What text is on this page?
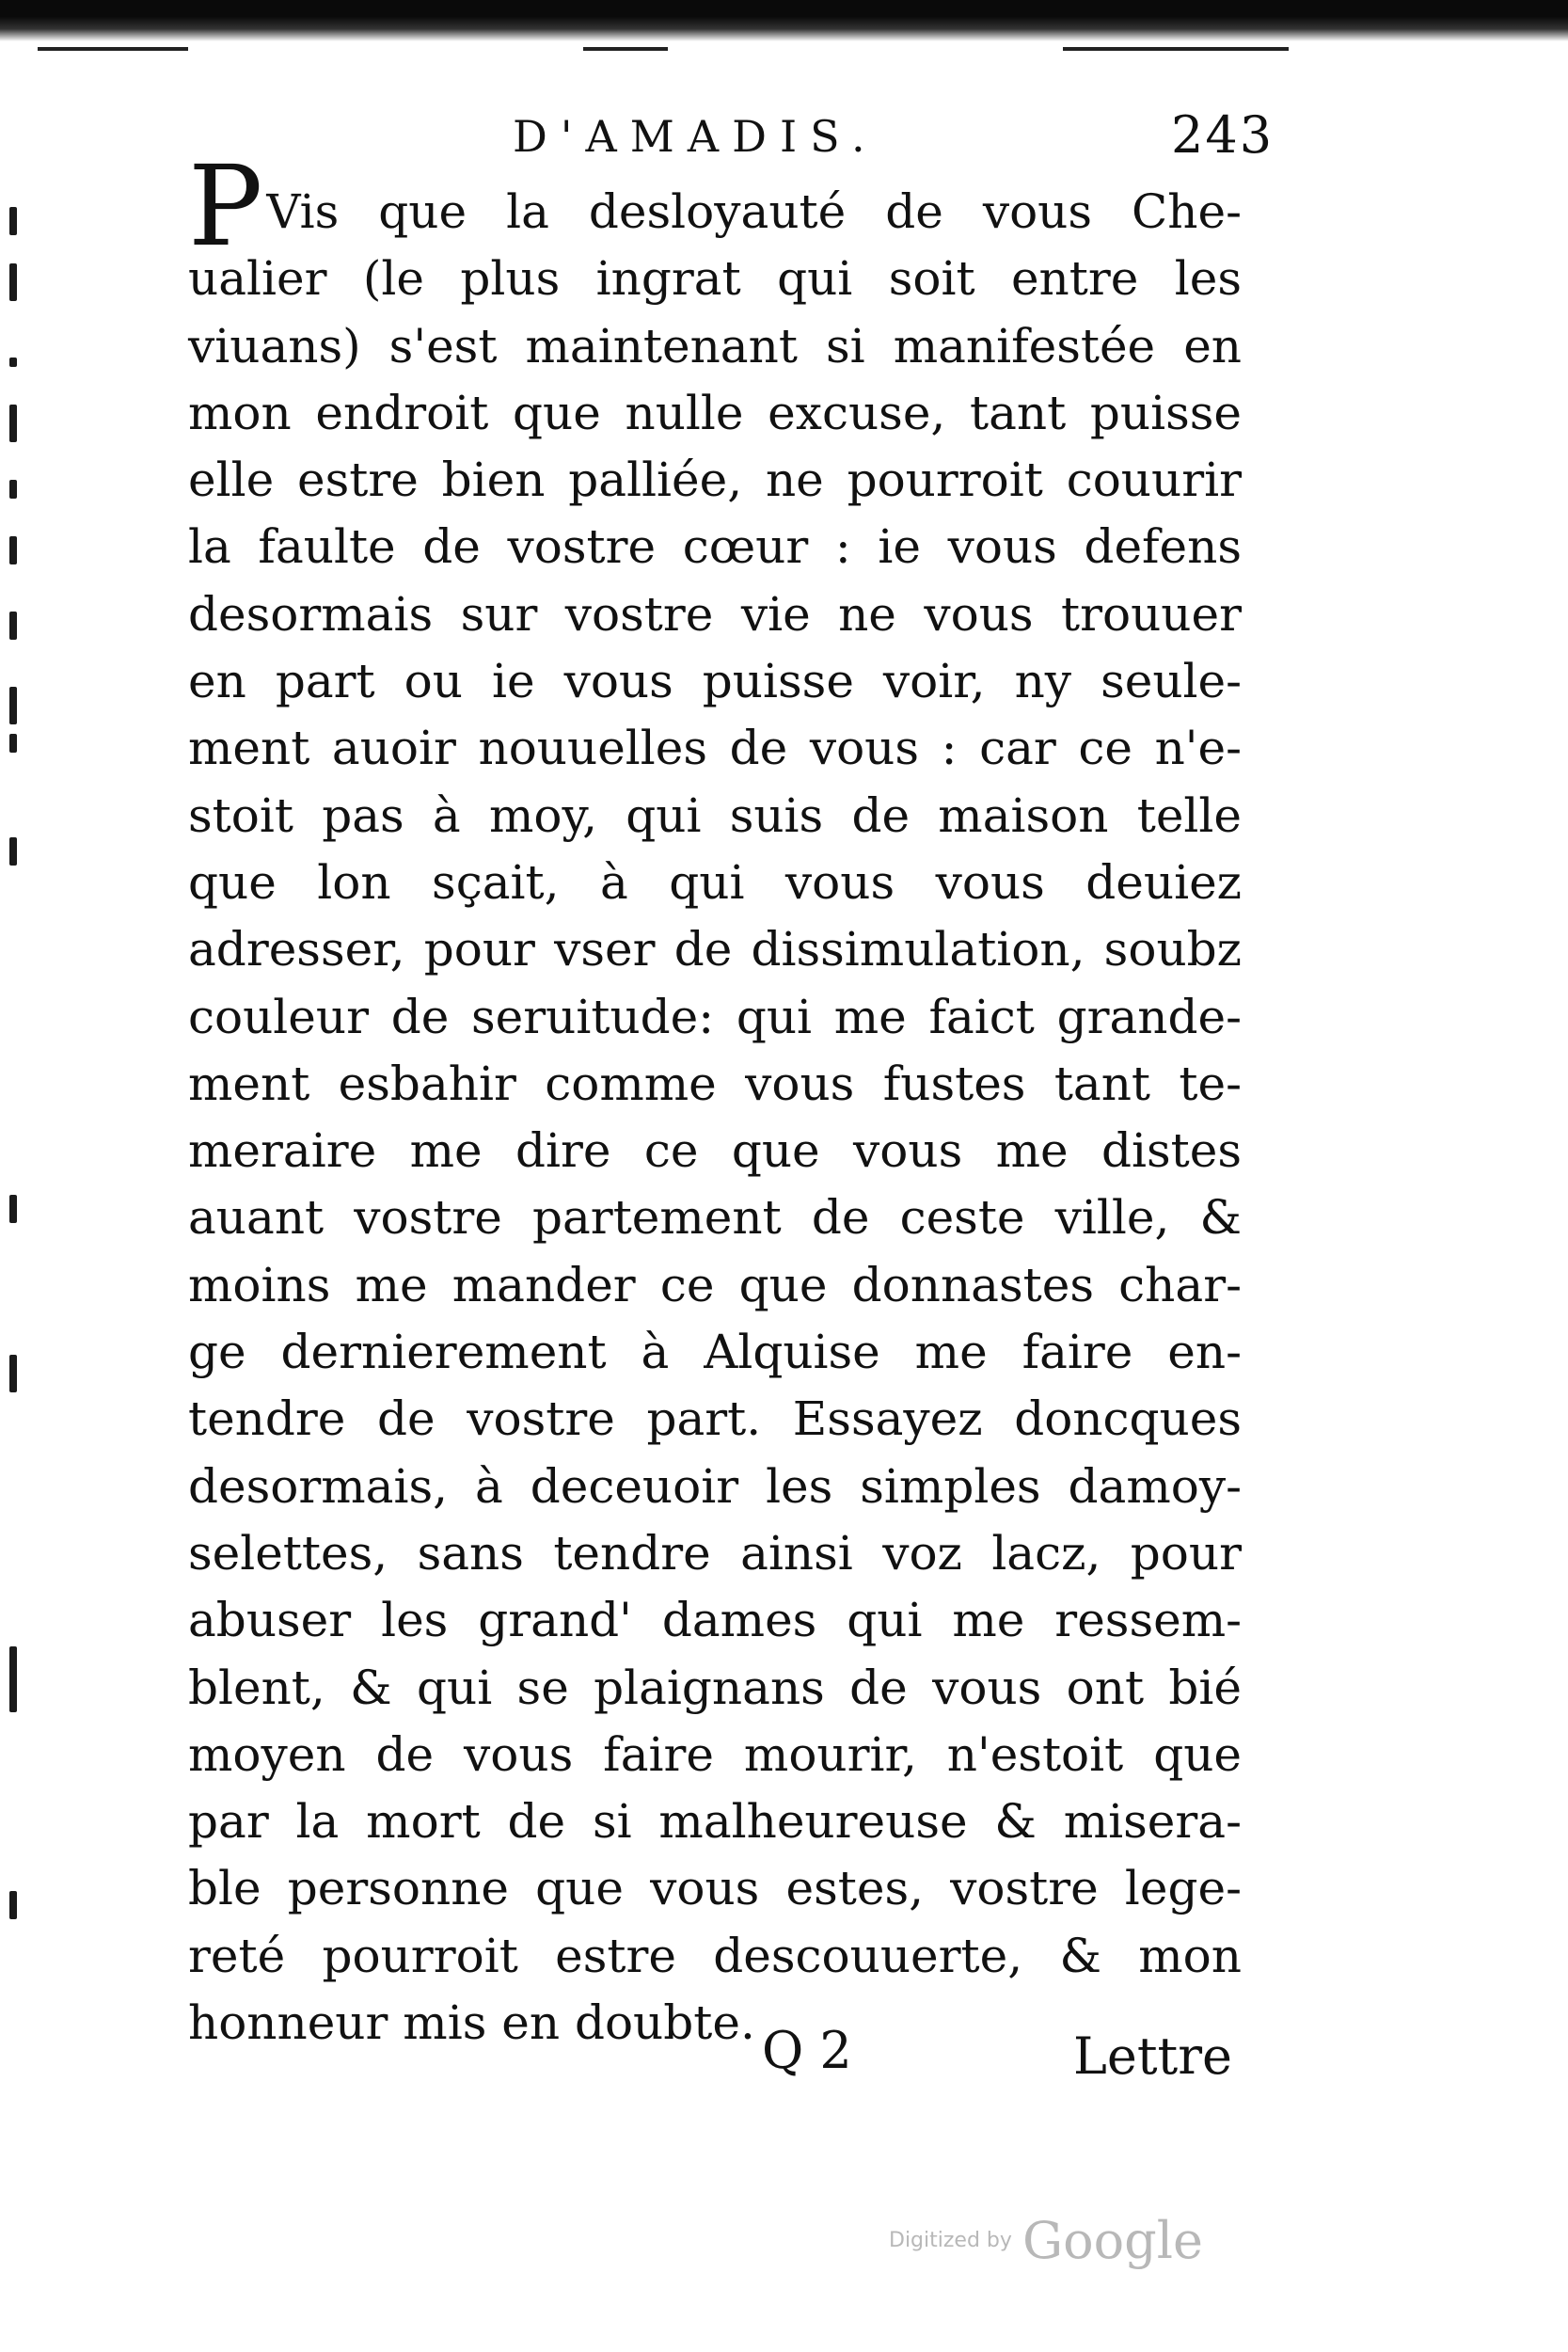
D'AMADIS.	243
PVis que la desloyauté de vous Che-
ualier (le plus ingrat qui soit entre les
viuans) s'est maintenant si manifestée en
mon endroit que nulle excuse, tant puisse
elle estre bien palliée, ne pourroit couurir
la faulte de vostre cœur : ie vous defens
desormais sur vostre vie ne vous trouuer
en part ou ie vous puisse voir, ny seule-
ment auoir nouuelles de vous : car ce n'e-
stoit pas à moy, qui suis de maison telle
que lon sçait, à qui vous vous deuiez
adresser, pour vser de dissimulation, soubz
couleur de seruitude: qui me faict grande-
ment esbahir comme vous fustes tant te-
meraire me dire ce que vous me distes
auant vostre partement de ceste ville, &
moins me mander ce que donnastes char-
ge dernierement à Alquise me faire en-
tendre de vostre part. Essayez doncques
desormais, à deceuoir les simples damoy-
selettes, sans tendre ainsi voz lacz, pour
abuser les grand' dames qui me ressem-
blent, & qui se plaignans de vous ont bié
moyen de vous faire mourir, n'estoit que
par la mort de si malheureuse & misera-
ble personne que vous estes, vostre lege-
reté pourroit estre descouuerte, & mon
honneur mis en doubte. Q 2	Lettre
Digitized by Google
